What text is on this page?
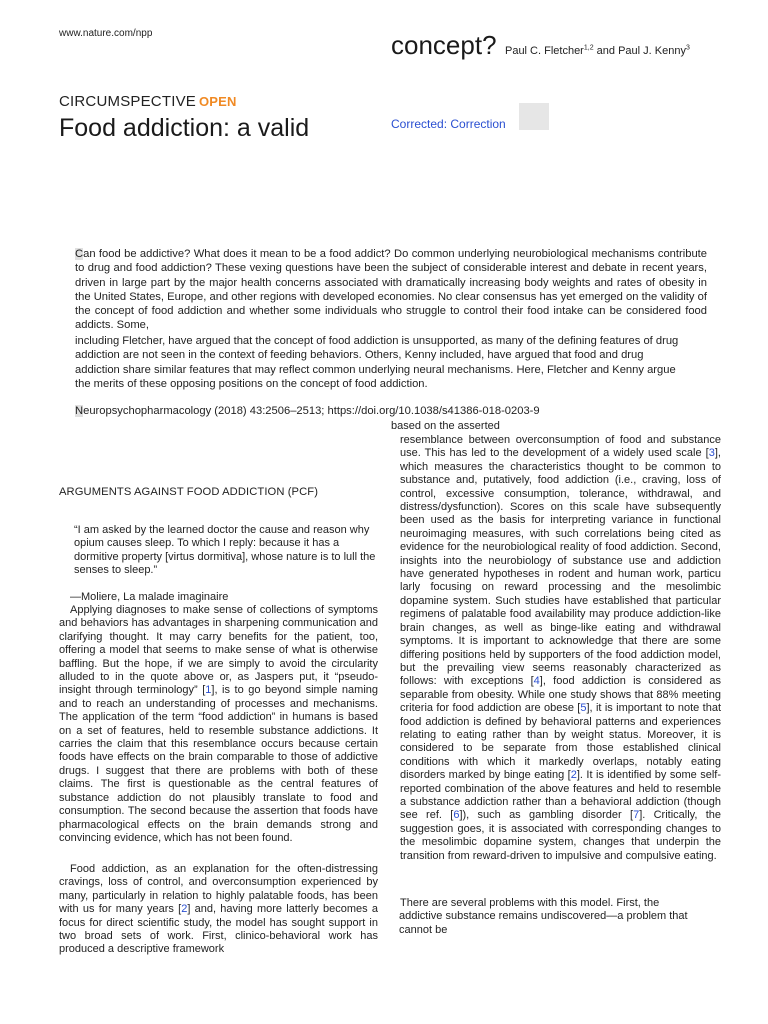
www.nature.com/npp	concept? Paul C. Fletcher$^{1,2}$ and Paul J. Kenny$^3$
CIRCUMSPECTIVE OPEN
Food addiction: a valid	Corrected: Correction
Can food be addictive? What does it mean to be a food addict? Do common underlying neurobiological mechanisms contribute to drug and food addiction? These vexing questions have been the subject of considerable interest and debate in recent years, driven in large part by the major health concerns associated with dramatically increasing body weights and rates of obesity in the United States, Europe, and other regions with developed economies. No clear consensus has yet emerged on the validity of the concept of food addiction and whether some individuals who struggle to control their food intake can be considered food addicts. Some,
including Fletcher, have argued that the concept of food addiction is unsupported, as many of the defining features of drug
addiction are not seen in the context of feeding behaviors. Others, Kenny included, have argued that food and drug
addiction share similar features that may reflect common underlying neural mechanisms. Here, Fletcher and Kenny argue
the merits of these opposing positions on the concept of food addiction.
Neuropsychopharmacology (2018) 43:2506–2513; https://doi.org/10.1038/s41386-018-0203-9
ARGUMENTS AGAINST FOOD ADDICTION (PCF)
“I am asked by the learned doctor the cause and reason why opium causes sleep. To which I reply: because it has a dormitive property [virtus dormitiva], whose nature is to lull the senses to sleep.”
—Moliere, La malade imaginaire
Applying diagnoses to make sense of collections of symptoms and behaviors has advantages in sharpening communication and clarifying thought. It may carry benefits for the patient, too, offering a model that seems to make sense of what is otherwise baffling. But the hope, if we are simply to avoid the circularity alluded to in the quote above or, as Jaspers put, it “pseudo-insight through terminology” [1], is to go beyond simple naming and to reach an understanding of processes and mechanisms. The application of the term “food addiction” in humans is based on a set of features, held to resemble substance addictions. It carries the claim that this resemblance occurs because certain foods have effects on the brain comparable to those of addictive drugs. I suggest that there are problems with both of these claims. The first is questionable as the central features of substance addiction do not plausibly translate to food and consumption. The second because the assertion that foods have pharmacological effects on the brain demands strong and convincing evidence, which has not been found.
Food addiction, as an explanation for the often-distressing cravings, loss of control, and overconsumption experienced by many, particularly in relation to highly palatable foods, has been with us for many years [2] and, having more latterly becomes a focus for direct scientific study, the model has sought support in two broad sets of work. First, clinico-behavioral work has produced a descriptive framework
based on the asserted
resemblance between overconsumption of food and substance use. This has led to the development of a widely used scale [3], which measures the characteristics thought to be common to substance and, putatively, food addiction (i.e., craving, loss of control, excessive consumption, tolerance, withdrawal, and distress/dysfunction). Scores on this scale have subsequently been used as the basis for interpreting variance in functional neuroimaging measures, with such correlations being cited as evidence for the neurobiological reality of food addiction. Second, insights into the neurobiology of substance use and addiction have generated hypotheses in rodent and human work, particu larly focusing on reward processing and the mesolimbic dopamine system. Such studies have established that particular regimens of palatable food availability may produce addiction-like brain changes, as well as binge-like eating and withdrawal symptoms. It is important to acknowledge that there are some differing positions held by supporters of the food addiction model, but the prevailing view seems reasonably characterized as follows: with exceptions [4], food addiction is considered as separable from obesity. While one study shows that 88% meeting criteria for food addiction are obese [5], it is important to note that food addiction is defined by behavioral patterns and experiences relating to eating rather than by weight status. Moreover, it is considered to be separate from those established clinical conditions with which it markedly overlaps, notably eating disorders marked by binge eating [2]. It is identified by some self-reported combination of the above features and held to resemble a substance addiction rather than a behavioral addiction (though see ref. [6]), such as gambling disorder [7]. Critically, the suggestion goes, it is associated with corresponding changes to the mesolimbic dopamine system, changes that underpin the transition from reward-driven to impulsive and compulsive eating.
There are several problems with this model. First, the
addictive substance remains undiscovered—a problem that
cannot be
